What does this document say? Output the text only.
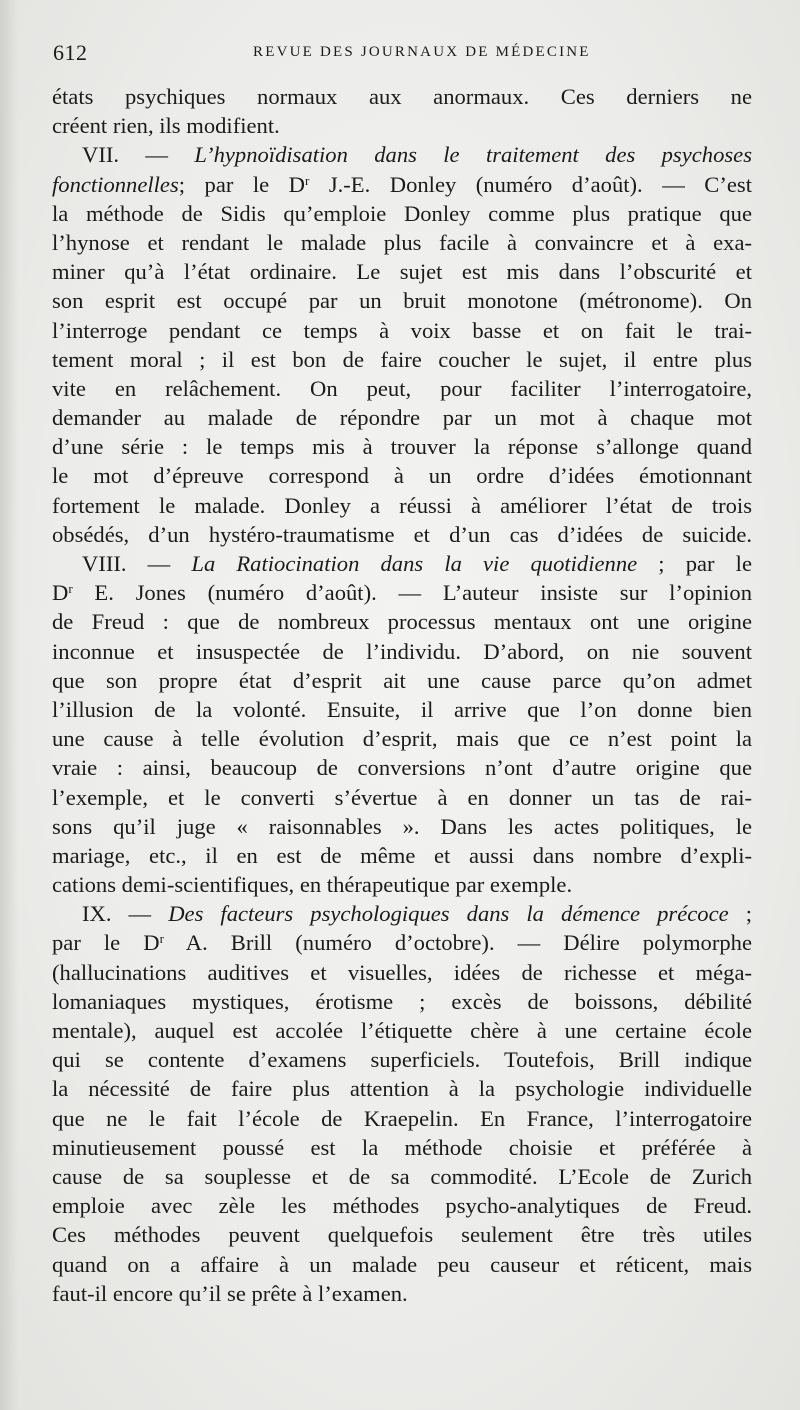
612	REVUE DES JOURNAUX DE MÉDECINE
états psychiques normaux aux anormaux. Ces derniers ne
créent rien, ils modifient.
VII. — L’hypnoïdisation dans le traitement des psychoses
fonctionnelles; par le $D^r$ J.-E. Donley (numéro d’août). — C’est
la méthode de Sidis qu’emploie Donley comme plus pratique que
l’hynose et rendant le malade plus facile à convaincre et à exa-
miner qu’à l’état ordinaire. Le sujet est mis dans l’obscurité et
son esprit est occupé par un bruit monotone (métronome). On
l’interroge pendant ce temps à voix basse et on fait le trai-
tement moral ; il est bon de faire coucher le sujet, il entre plus
vite en relâchement. On peut, pour faciliter l’interrogatoire,
demander au malade de répondre par un mot à chaque mot
d’une série : le temps mis à trouver la réponse s’allonge quand
le mot d’épreuve correspond à un ordre d’idées émotionnant
fortement le malade. Donley a réussi à améliorer l’état de trois
obsédés, d’un hystéro-traumatisme et d’un cas d’idées de suicide.
VIII. — La Ratiocination dans la vie quotidienne ; par le
$D^r$ E. Jones (numéro d’août). — L’auteur insiste sur l’opinion
de Freud : que de nombreux processus mentaux ont une origine
inconnue et insuspectée de l’individu. D’abord, on nie souvent
que son propre état d’esprit ait une cause parce qu’on admet
l’illusion de la volonté. Ensuite, il arrive que l’on donne bien
une cause à telle évolution d’esprit, mais que ce n’est point la
vraie : ainsi, beaucoup de conversions n’ont d’autre origine que
l’exemple, et le converti s’évertue à en donner un tas de rai-
sons qu’il juge « raisonnables ». Dans les actes politiques, le
mariage, etc., il en est de même et aussi dans nombre d’expli-
cations demi-scientifiques, en thérapeutique par exemple.
IX. — Des facteurs psychologiques dans la démence précoce ;
par le $D^r$ A. Brill (numéro d’octobre). — Délire polymorphe
(hallucinations auditives et visuelles, idées de richesse et méga-
lomaniaques mystiques, érotisme ; excès de boissons, débilité
mentale), auquel est accolée l’étiquette chère à une certaine école
qui se contente d’examens superficiels. Toutefois, Brill indique
la nécessité de faire plus attention à la psychologie individuelle
que ne le fait l’école de Kraepelin. En France, l’interrogatoire
minutieusement poussé est la méthode choisie et préférée à
cause de sa souplesse et de sa commodité. L’Ecole de Zurich
emploie avec zèle les méthodes psycho-analytiques de Freud.
Ces méthodes peuvent quelquefois seulement être très utiles
quand on a affaire à un malade peu causeur et réticent, mais
faut-il encore qu’il se prête à l’examen.
